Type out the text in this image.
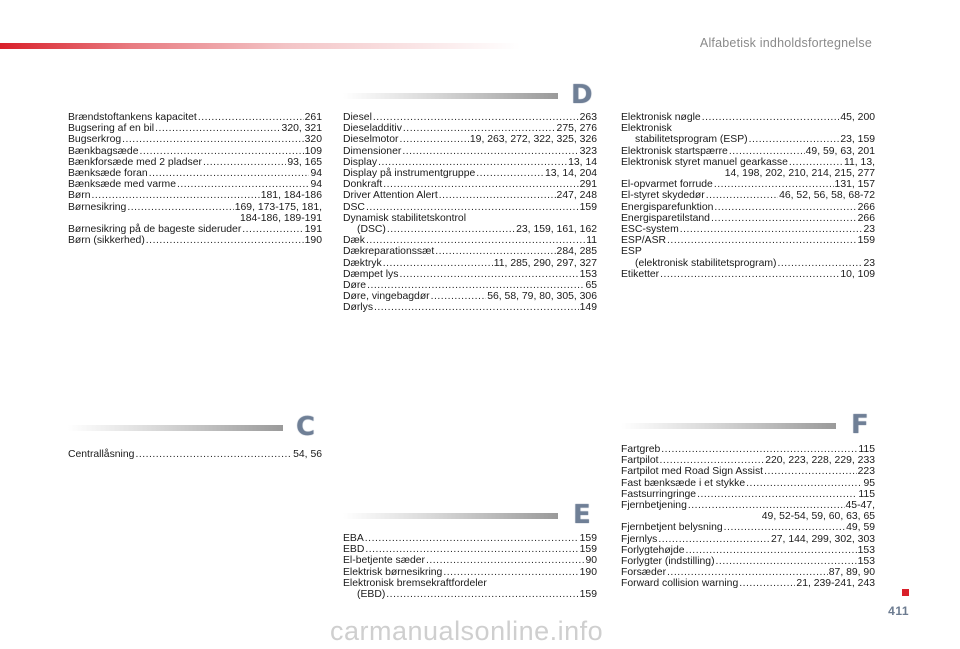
Alfabetisk indholdsfortegnelse
Brændstoftankens kapacitet .....	261
Bugsering af en bil .....	320, 321
Bugserkrog .....	320
Bænkbagsæde .....	109
Bænkforsæde med 2 pladser .....	93, 165
Bænksæde foran .....	94
Bænksæde med varme .....	94
Børn .....	181, 184-186
Børnesikring .....	169, 173-175, 181,
184-186, 189-191
Børnesikring på de bageste sideruder .....	191
Børn (sikkerhed) .....	190
C
Centrallåsning .....	54, 56
D
Diesel .....	263
Dieseladditiv .....	275, 276
Dieselmotor .....	19, 263, 272, 322, 325, 326
Dimensioner .....	323
Display .....	13, 14
Display på instrumentgruppe .....	13, 14, 204
Donkraft .....	291
Driver Attention Alert .....	247, 248
DSC .....	159
Dynamisk stabilitetskontrol
(DSC) .....	23, 159, 161, 162
Dæk .....	11
Dækreparationssæt .....	284, 285
Dæktryk .....	11, 285, 290, 297, 327
Dæmpet lys .....	153
Døre .....	65
Døre, vingebagdør .....	56, 58, 79, 80, 305, 306
Dørlys .....	149
E
EBA .....	159
EBD .....	159
El-betjente sæder .....	90
Elektrisk børnesikring .....	190
Elektronisk bremsekraftfordeler
(EBD) .....	159
Elektronisk nøgle .....	45, 200
Elektronisk
stabilitetsprogram (ESP) .....	23, 159
Elektronisk startspærre .....	49, 59, 63, 201
Elektronisk styret manuel gearkasse .....	11, 13,
14, 198, 202, 210, 214, 215, 277
El-opvarmet forrude .....	131, 157
El-styret skydedør .....	46, 52, 56, 58, 68-72
Energisparefunktion .....	266
Energisparetilstand .....	266
ESC-system .....	23
ESP/ASR .....	159
ESP
(elektronisk stabilitetsprogram) .....	23
Etiketter .....	10, 109
F
Fartgreb .....	115
Fartpilot .....	220, 223, 228, 229, 233
Fartpilot med Road Sign Assist .....	223
Fast bænksæde i et stykke .....	95
Fastsurringringe .....	115
Fjernbetjening .....	45-47,
49, 52-54, 59, 60, 63, 65
Fjernbetjent belysning .....	49, 59
Fjernlys .....	27, 144, 299, 302, 303
Forlygtehøjde .....	153
Forlygter (indstilling) .....	153
Forsæder .....	87, 89, 90
Forward collision warning .....	21, 239-241, 243
411
carmanualsonline.info
